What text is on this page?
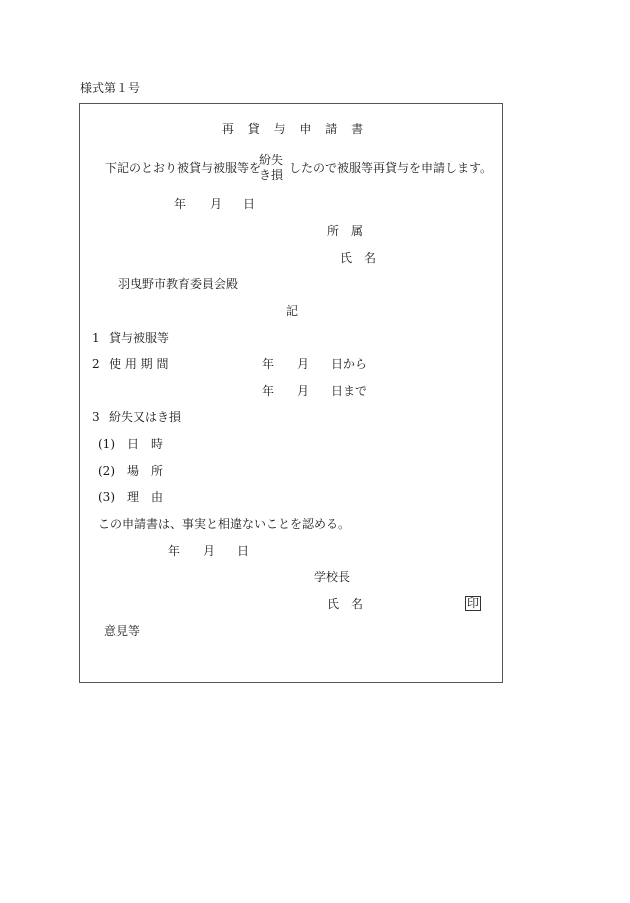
様式第１号
再 貸 与 申 請 書
下記のとおり被貸与被服等を
紛失
き損 したので被服等再貸与を申請します。
年 月 日
所　属
氏　名
羽曳野市教育委員会殿
記
1 貸与被服等
2 使 用 期 間	年 月 日から
年 月 日まで
3 紛失又はき損
(1) 日　時
(2) 場　所
(3) 理　由
この申請書は、事実と相違ないことを認める。
年 月 日
学校長
氏　名	印
意見等
